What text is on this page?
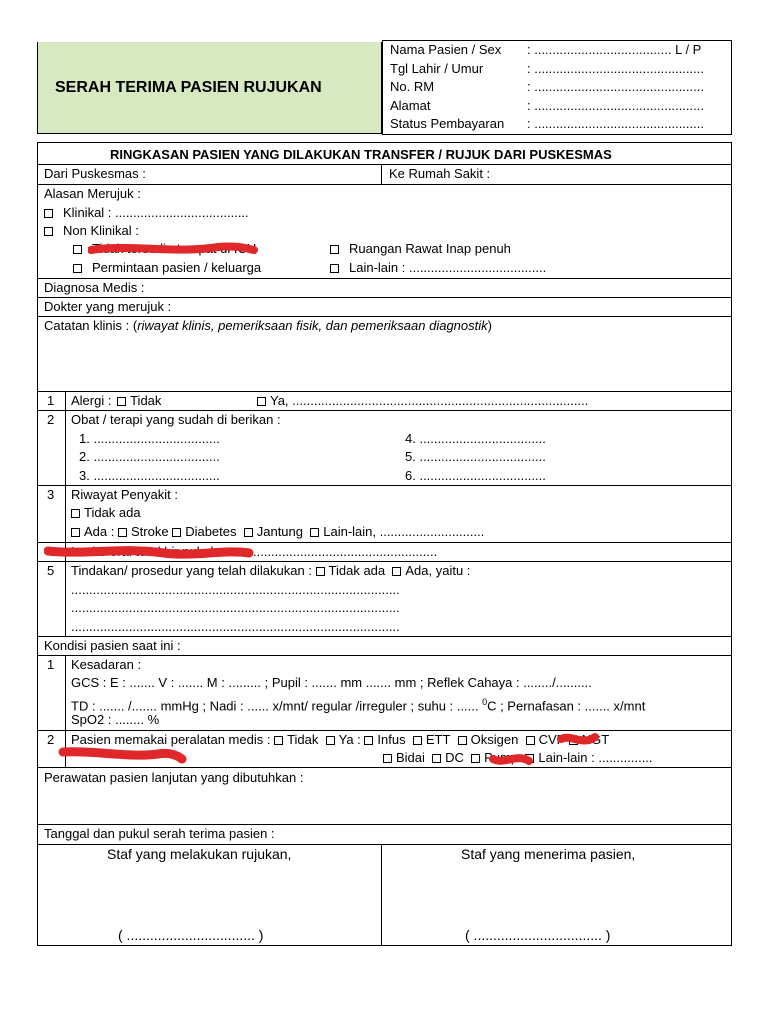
SERAH TERIMA PASIEN RUJUKAN
Nama Pasien / Sex : ...................................... L / P
Tgl Lahir / Umur	: ...............................................
No. RM	: ...............................................
Alamat	: ...............................................
Status Pembayaran : ...............................................
RINGKASAN PASIEN YANG DILAKUKAN TRANSFER / RUJUK DARI PUSKESMAS
Dari Puskesmas :	Ke Rumah Sakit :
Alasan Merujuk :
Klinikal : .....................................
Non Klinikal :
Tidak tersedia tempat di ICU	Ruangan Rawat Inap penuh
Permintaan pasien / keluarga	Lain-lain : ......................................
Diagnosa Medis :
Dokter yang merujuk :
Catatan klinis : (riwayat klinis, pemeriksaan fisik, dan pemeriksaan diagnostik)
1 Alergi : Tidak	Ya, ..................................................................................
2 Obat / terapi yang sudah di berikan :
1. ...................................
2. ...................................
3. ...................................
4. ...................................
5. ...................................
6. ...................................
3 Riwayat Penyakit :
Tidak ada
Ada : Stroke Diabetes Jantung Lain-lain, .............................
4 Intake oral terakhir pukul	...................................................
5 Tindakan/ prosedur yang telah dilakukan : Tidak ada Ada, yaitu :
...........................................................................................
...........................................................................................
...........................................................................................
Kondisi pasien saat ini :
1 Kesadaran :
GCS : E : ....... V : ....... M : ......... ; Pupil : ....... mm ....... mm ; Reflek Cahaya : ......../..........
TD : ....... /....... mmHg ; Nadi : ...... x/mnt/ regular /irreguler ; suhu : ...... $^0$C ; Pernafasan : ....... x/mnt
SpO2 : ........ %
2 Pasien memakai peralatan medis : Tidak Ya : Infus ETT Oksigen CVP NGT
Bidai DC Pump Lain-lain : ...............
Perawatan pasien lanjutan yang dibutuhkan :
Tanggal dan pukul serah terima pasien :
Staf yang melakukan rujukan,	Staf yang menerima pasien,
( ................................. )	( ................................. )
